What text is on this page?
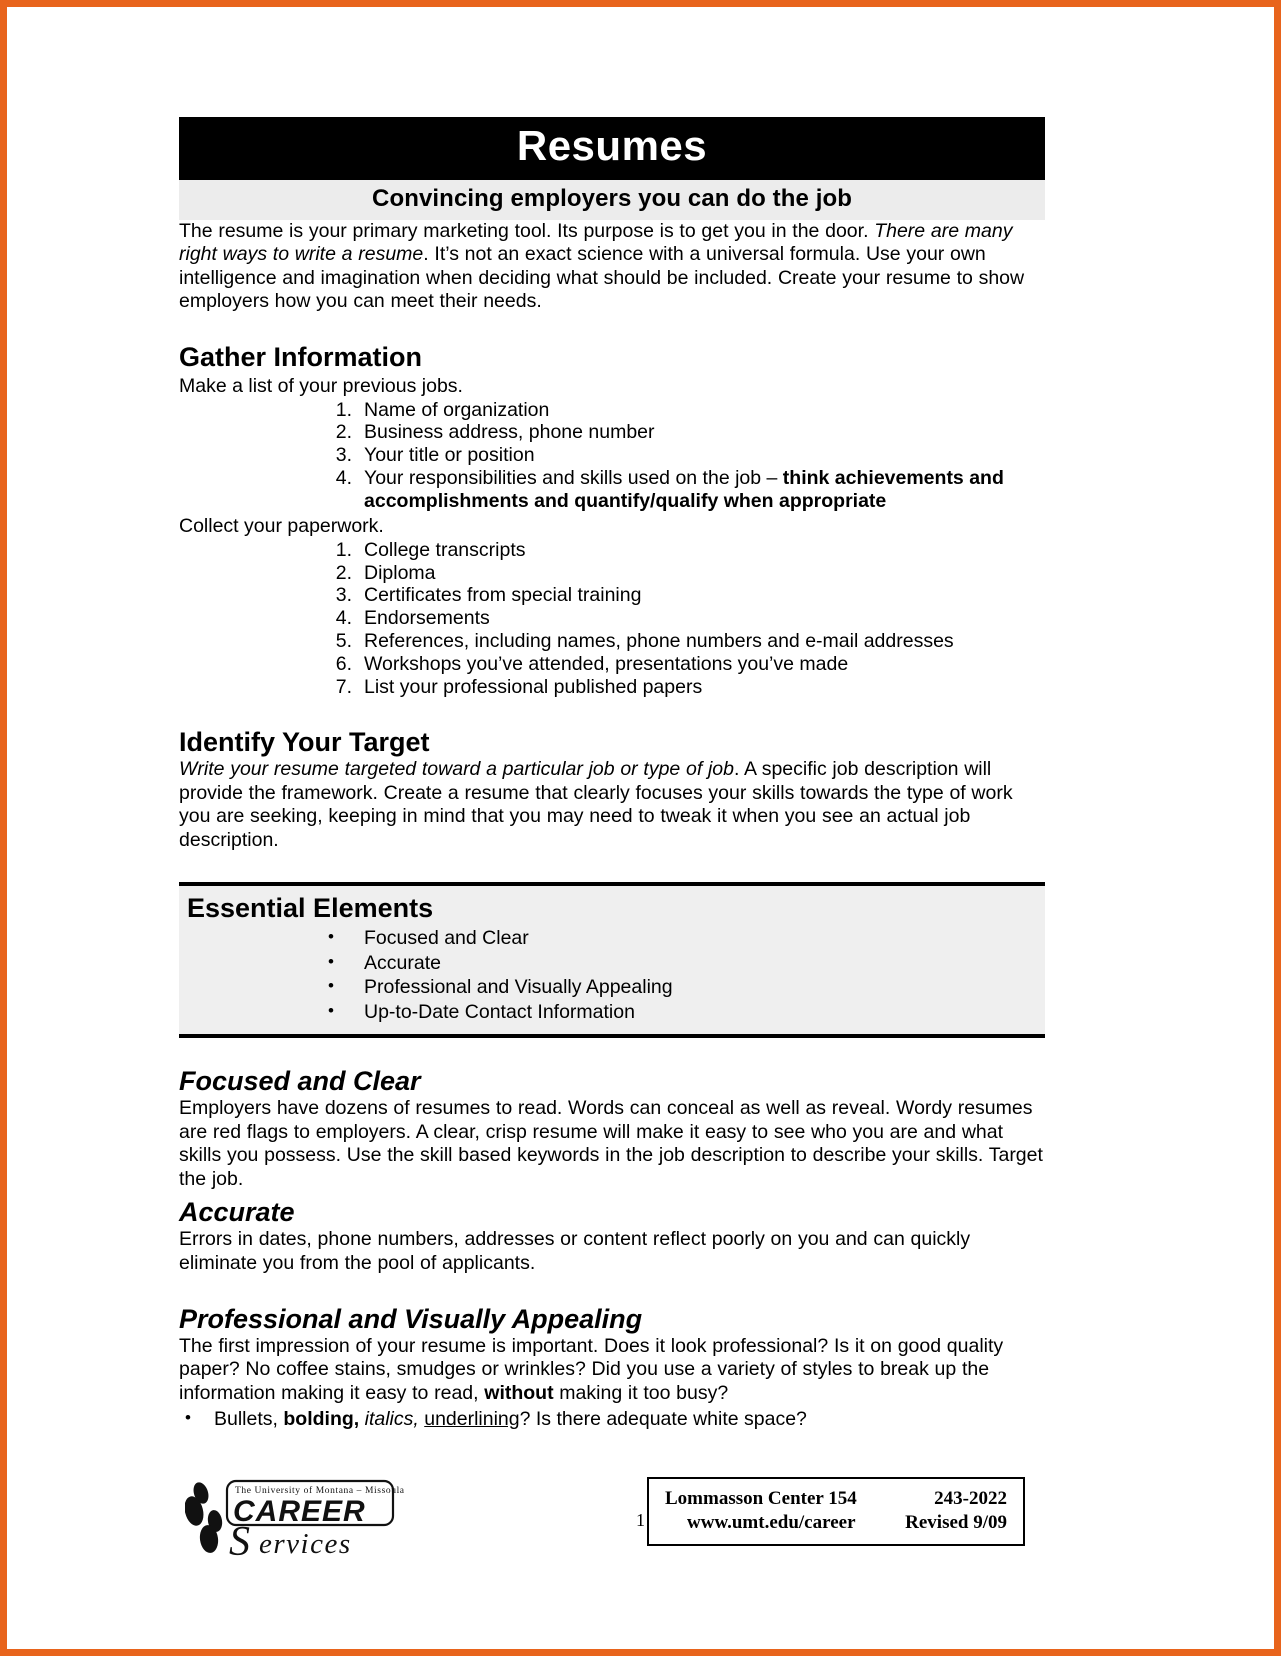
Resumes
Convincing employers you can do the job

The resume is your primary marketing tool. Its purpose is to get you in the door. There are many right ways to write a resume. It’s not an exact science with a universal formula. Use your own intelligence and imagination when deciding what should be included. Create your resume to show employers how you can meet their needs.

Gather Information
Make a list of your previous jobs.
1. Name of organization
2. Business address, phone number
3. Your title or position
4. Your responsibilities and skills used on the job – think achievements and accomplishments and quantify/qualify when appropriate
Collect your paperwork.
1. College transcripts
2. Diploma
3. Certificates from special training
4. Endorsements
5. References, including names, phone numbers and e-mail addresses
6. Workshops you’ve attended, presentations you’ve made
7. List your professional published papers
Identify Your Target

Write your resume targeted toward a particular job or type of job. A specific job description will provide the framework. Create a resume that clearly focuses your skills towards the type of work you are seeking, keeping in mind that you may need to tweak it when you see an actual job description.

Essential Elements
• Focused and Clear
• Accurate
• Professional and Visually Appealing
• Up-to-Date Contact Information
Focused and Clear

Employers have dozens of resumes to read. Words can conceal as well as reveal. Wordy resumes are red flags to employers. A clear, crisp resume will make it easy to see who you are and what skills you possess. Use the skill based keywords in the job description to describe your skills. Target the job.

Accurate

Errors in dates, phone numbers, addresses or content reflect poorly on you and can quickly eliminate you from the pool of applicants.

Professional and Visually Appealing

The first impression of your resume is important. Does it look professional? Is it on good quality paper? No coffee stains, smudges or wrinkles? Did you use a variety of styles to break up the information making it easy to read, without making it too busy?

• Bullets, bolding, italics, underlining? Is there adequate white space?
The University of Montana – Missoula
CAREER
S ervices
Lommasson Center 154	243-2022
www.umt.edu/career	Revised 9/09
1
